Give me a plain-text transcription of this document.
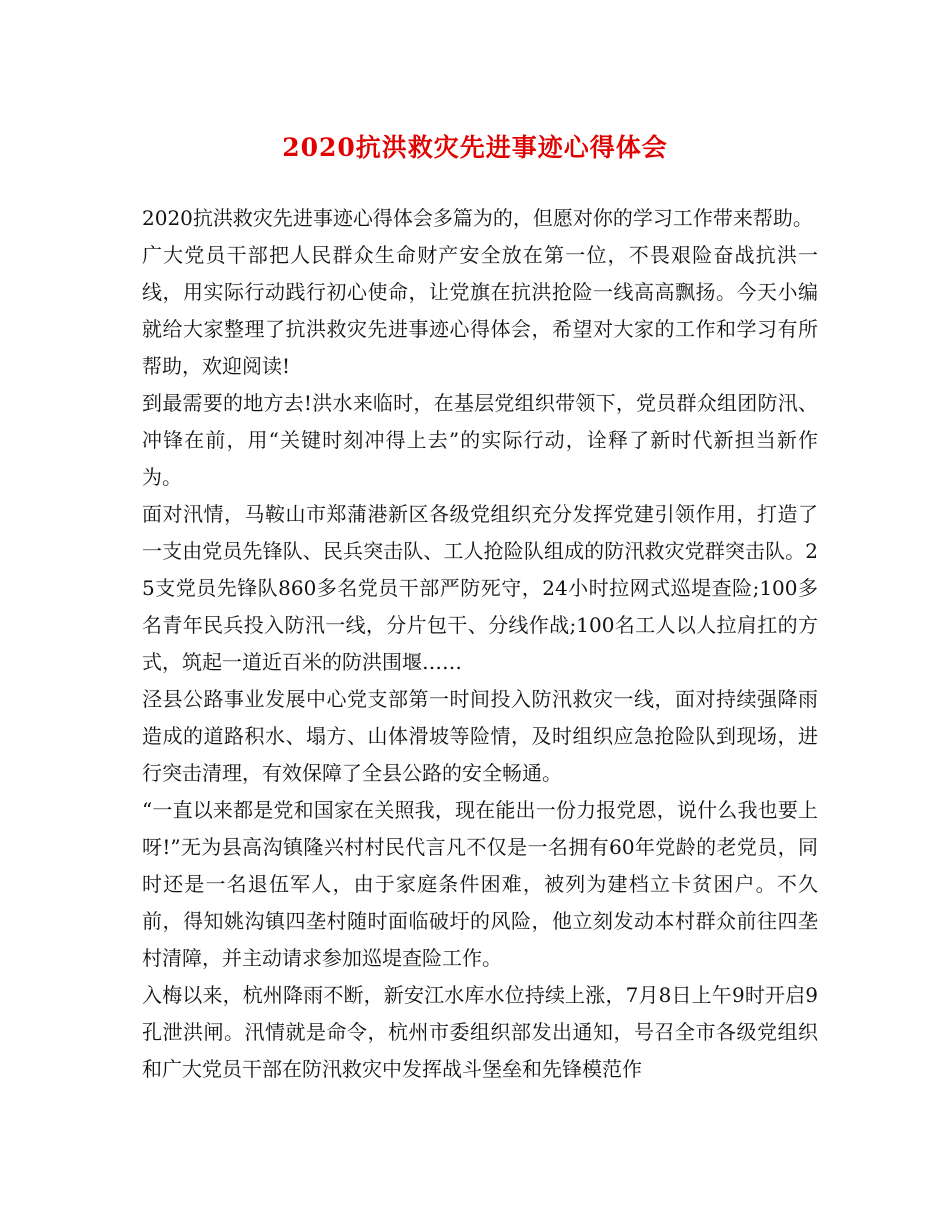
2020抗洪救灾先进事迹心得体会

2020抗洪救灾先进事迹心得体会多篇为的，但愿对你的学习工作带来帮助。

广大党员干部把人民群众生命财产安全放在第一位，不畏艰险奋战抗洪一线，用实际行动践行初心使命，让党旗在抗洪抢险一线高高飘扬。今天小编就给大家整理了抗洪救灾先进事迹心得体会，希望对大家的工作和学习有所帮助，欢迎阅读!

到最需要的地方去!洪水来临时，在基层党组织带领下，党员群众组团防汛、冲锋在前，用“关键时刻冲得上去”的实际行动，诠释了新时代新担当新作为。

面对汛情，马鞍山市郑蒲港新区各级党组织充分发挥党建引领作用，打造了一支由党员先锋队、民兵突击队、工人抢险队组成的防汛救灾党群突击队。25支党员先锋队860多名党员干部严防死守，24小时拉网式巡堤查险;100多名青年民兵投入防汛一线，分片包干、分线作战;100名工人以人拉肩扛的方式，筑起一道近百米的防洪围堰……

泾县公路事业发展中心党支部第一时间投入防汛救灾一线，面对持续强降雨造成的道路积水、塌方、山体滑坡等险情，及时组织应急抢险队到现场，进行突击清理，有效保障了全县公路的安全畅通。

“一直以来都是党和国家在关照我，现在能出一份力报党恩，说什么我也要上呀!”无为县高沟镇隆兴村村民代言凡不仅是一名拥有60年党龄的老党员，同时还是一名退伍军人，由于家庭条件困难，被列为建档立卡贫困户。不久前，得知姚沟镇四垄村随时面临破圩的风险，他立刻发动本村群众前往四垄村清障，并主动请求参加巡堤查险工作。

入梅以来，杭州降雨不断，新安江水库水位持续上涨，7月8日上午9时开启9孔泄洪闸。汛情就是命令，杭州市委组织部发出通知，号召全市各级党组织和广大党员干部在防汛救灾中发挥战斗堡垒和先锋模范作
